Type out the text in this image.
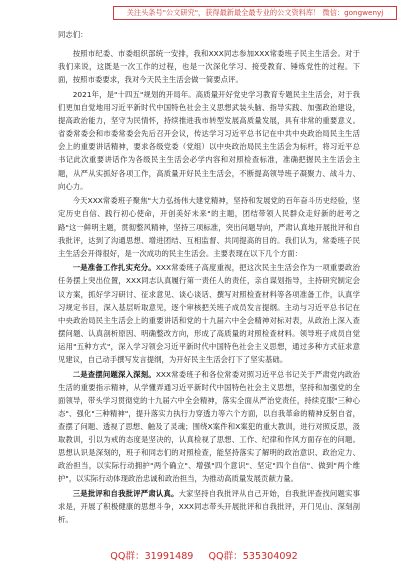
关注头条号"公文研究"，获得最新最全最专业的公文资料库！ 微信：gongwenyj

同志们：

按照市纪委、市委组织部统一安排，我和XXX同志参加XXX常委班子民主生活会。对于我们来说，这既是一次工作的过程，也是一次深化学习、接受教育、锤炼党性的过程。下面，按照市委要求，我对今天民主生活会做一简要点评。

2021年，是"十四五"规划的开局年。高质量开好党史学习教育专题民主生活会，对于我们更加自觉地用习近平新时代中国特色社会主义思想武装头脑、指导实践、加强政治建设，提高政治能力，坚守为民情怀，持续推进我市转型发展高质量发展，具有非常的重要意义。省委常委会和市委常委会先后召开会议，传达学习习近平总书记在中共中央政治局民主生活会上的重要讲话精神，要求各级党委（党组）以中央政治局民主生活会为标杆，将习近平总书记此次重要讲话作为各级民主生活会必学内容和对照检查标准，准确把握民主生活会主题，从严从实抓好各项工作，高质量开好民主生活会，不断提高领导班子凝聚力、战斗力、向心力。

今天XXX常委班子聚焦"大力弘扬伟大建党精神，坚持和发展党的百年奋斗历史经验，坚定历史自信、践行初心使命，开创美好未来"的主题，团结带领人民群众走好新的赶考之路"这一鲜明主题，贯彻整风精神，坚持三项标准，突出问题导向，严肃认真地开展批评和自我批评，达到了沟通思想、增进团结、互相监督、共同提高的目的。我们认为，常委班子民主生活会开得很好，是一次成功的民主生活会。主要表现在以下几个方面：

一是准备工作扎实充分。XXX常委班子高度重视，把这次民主生活会作为一项重要政治任务摆上突出位置，XXX同志认真履行第一责任人的责任，亲自谋划指导，主持研究制定会议方案，抓好学习研讨、征求意见、谈心谈话、撰写对照检查材料等各项准备工作，认真学习规定书目，深入基层听取意见，逐个审核把关班子成员发言提纲。主动与习近平总书记在中央政治局民主生活会上的重要讲话和党的十九届六中全会精神对标对表，从政治上深入查摆问题、认真剖析原因、明确整改方向，形成了高质量的对照检查材料。领导班子成员自觉运用"五种方式"，深入学习领会习近平新时代中国特色社会主义思想，通过多种方式征求意见建议，自己动手撰写发言提纲，为开好民主生活会打下了坚实基础。

二是查摆问题深入深刻。XXX常委班子和各位常委对照习近平总书记关于严肃党内政治生活的重要指示精神，从学懂弄通习近平新时代中国特色社会主义思想，坚持和加强党的全面领导，带头学习贯彻党的十九届六中全会精神，落实全面从严治党责任，持续克服"三种心态"、强化"三种精神"，提升落实力执行力穿透力等六个方面，以自我革命的精神反躬自省，查摆了问题、透视了思想、触及了灵魂；围绕X案件和X案犯的重大教训，进行对照反思，汲取教训，引以为戒的态度是坚决的，认真检视了思想、工作、纪律和作风方面存在的问题。思想认识是深刻的，班子和同志们的对照检查，能坚持落实了解明的政治意识、政治定力、政治担当，以实际行动拥护"两个确立"、增强"四个意识"、坚定"四个自信"、做到"两个维护"，以实际行动体现政治忠诚和政治担当，为推动高质量发展贡献力量。

三是批评和自我批评严肃认真。大家坚持自我批评从自己开始，自我批评查找问题实事求是，开展了积极健康的思想斗争，XXX同志带头开展批评和自我批评，开门见山、深刻剖析。

QQ群：31991489 QQ群：535304092
